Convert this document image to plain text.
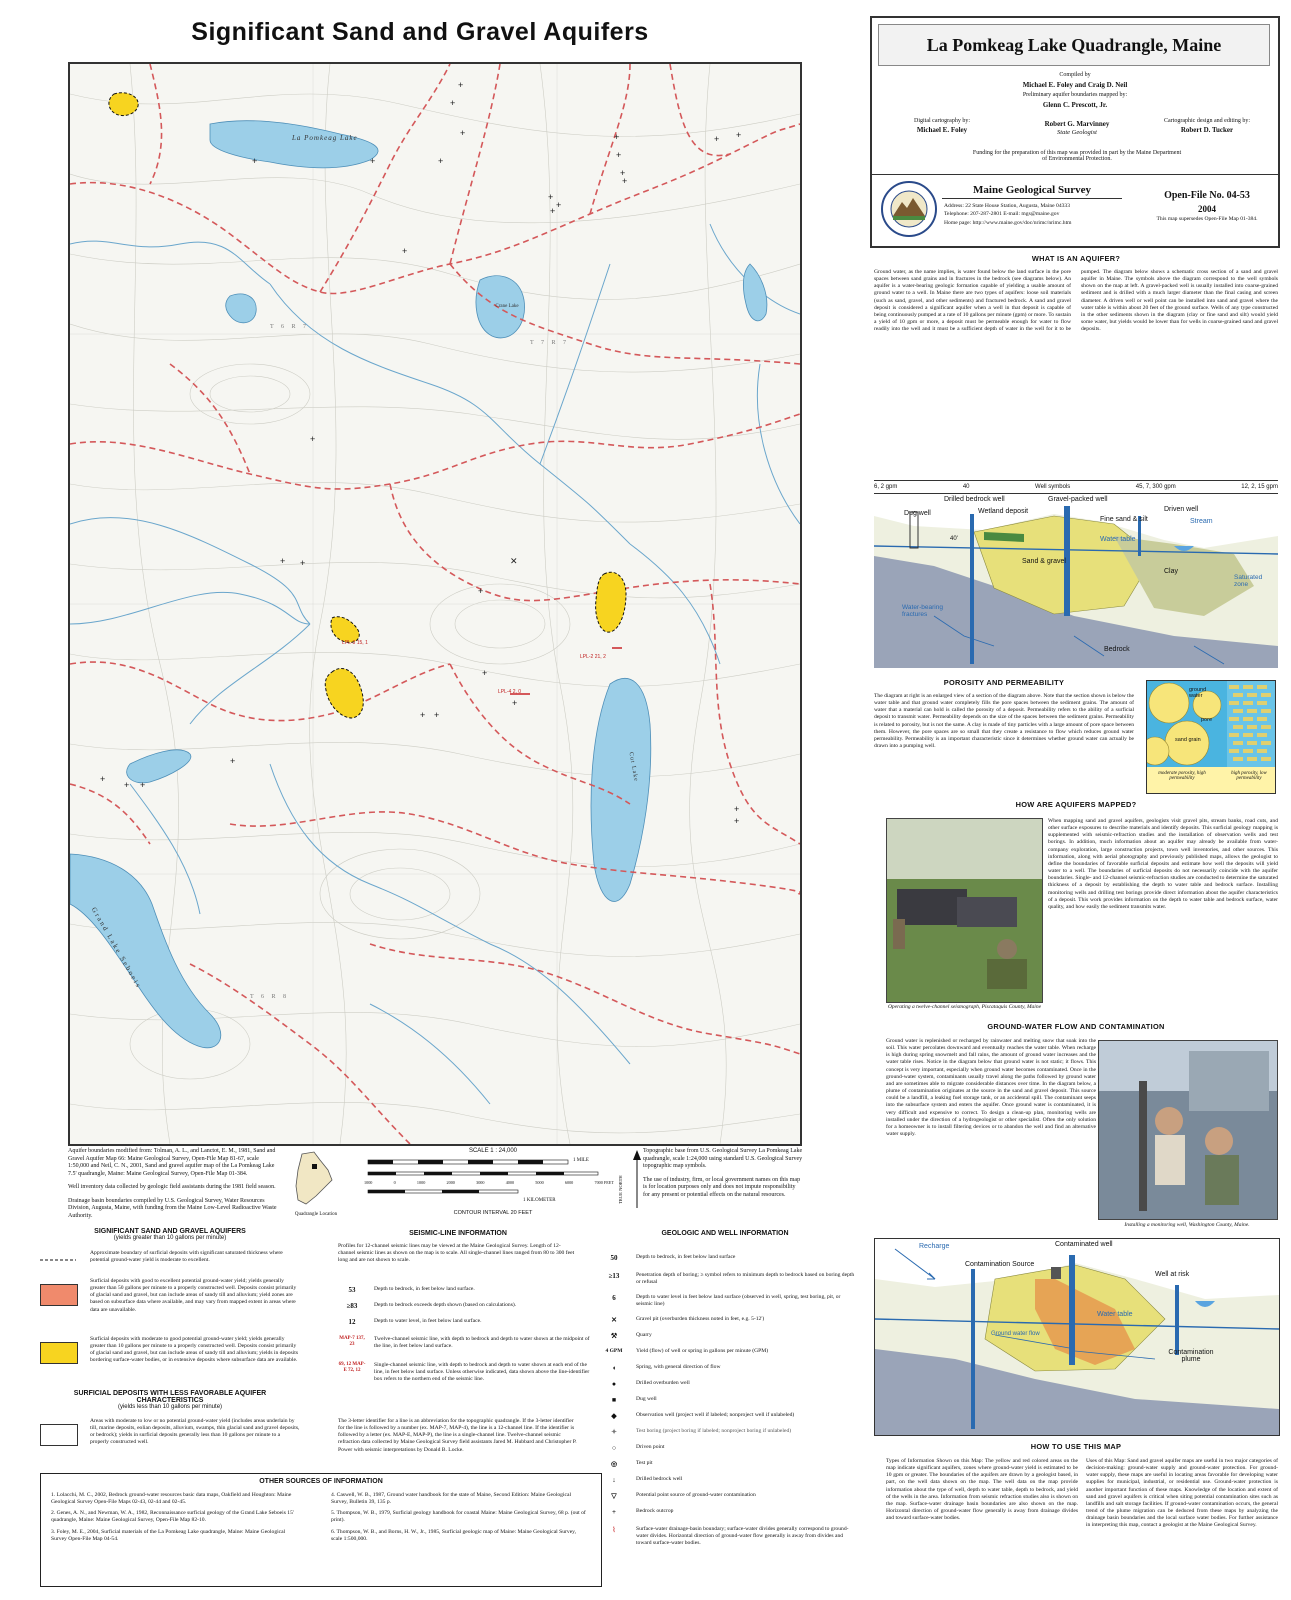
Significant Sand and Gravel Aquifers
+
+
+
+	+	+
+
+
+
+
+ +
+
+
+
+
+
+ +	✕
+
+
+ +
+
+
+
+ +
+
+
La Pomkeag Lake
Crane Lake
Cut Lake
Grand Lake Seboeis
T 6 R 7
T 7 R 7
T 6 R 8
LPL-3 15, 1
LPL-2 21, 2
LPL-4 2, 0
Aquifer boundaries modified from: Tolman, A. L., and Lanctot, E. M., 1981, Sand and Gravel Aquifer Map 66: Maine Geological Survey, Open-File Map 81-67, scale 1:50,000 and Neil, C. N., 2001, Sand and gravel aquifer map of the La Pomkeag Lake 7.5' quadrangle, Maine: Maine Geological Survey, Open-File Map 01-384.
Well inventory data collected by geologic field assistants during the 1981 field season.
Drainage basin boundaries compiled by U.S. Geological Survey, Water Resources Division, Augusta, Maine, with funding from the Maine Low-Level Radioactive Waste Authority.	Quadrangle Location
SCALE 1 : 24,000
1 MILE
1000	0	1000	2000	3000	4000	5000	6000	7000 FEET
1 KILOMETER
CONTOUR INTERVAL 20 FEET
TRUE NORTH
Topographic base from U.S. Geological Survey La Pomkeag Lake quadrangle, scale 1:24,000 using standard U.S. Geological Survey topographic map symbols.
The use of industry, firm, or local government names on this map is for location purposes only and does not impute responsibility for any present or potential effects on the natural resources.
SIGNIFICANT SAND AND GRAVEL AQUIFERS
(yields greater than 10 gallons per minute)
Approximate boundary of surficial deposits with significant saturated thickness where potential ground-water yield is moderate to excellent.
Surficial deposits with good to excellent potential ground-water yield; yields generally greater than 50 gallons per minute to a properly constructed well. Deposits consist primarily of glacial sand and gravel, but can include areas of sandy till and alluvium; yield zones are based on subsurface data where available, and may vary from mapped extent in areas where data are unavailable.
Surficial deposits with moderate to good potential ground-water yield; yields generally greater than 10 gallons per minute to a properly constructed well. Deposits consist primarily of glacial sand and gravel, but can include areas of sandy till and alluvium; yields in deposits bordering surface-water bodies, or in extensive deposits where subsurface data are available.
SURFICIAL DEPOSITS WITH LESS FAVORABLE AQUIFER CHARACTERISTICS
(yields less than 10 gallons per minute)
Areas with moderate to low or no potential ground-water yield (includes areas underlain by till, marine deposits, eolian deposits, alluvium, swamps, thin glacial sand and gravel deposits, or bedrock); yields in surficial deposits generally less than 10 gallons per minute to a properly constructed well.
SEISMIC-LINE INFORMATION
Profiles for 12-channel seismic lines may be viewed at the Maine Geological Survey. Length of 12-channel seismic lines as shown on the map is to scale. All single-channel lines ranged from 80 to 300 feet long and are not shown to scale.
53	Depth to bedrock, in feet below land surface.
≥83	Depth to bedrock exceeds depth shown (based on calculations).
12	Depth to water level, in feet below land surface.
MAP-7 137, 23
Twelve-channel seismic line, with depth to bedrock and depth to water shown at the midpoint of the line, in feet below land surface.
69, 12 MAP-E 72, 12
Single-channel seismic line, with depth to bedrock and depth to water shown at each end of the line, in feet below land surface. Unless otherwise indicated, data shown above the line-identifier box refers to the northern end of the seismic line.
The 3-letter identifier for a line is an abbreviation for the topographic quadrangle. If the 3-letter identifier for the line is followed by a number (ex. MAP-7, MAP-4), the line is a 12-channel line. If the identifier is followed by a letter (ex. MAP-E, MAP-P), the line is a single-channel line. Twelve-channel seismic refraction data collected by Maine Geological Survey field assistants Jared M. Hubbard and Christopher P. Power with seismic interpretations by Donald B. Locke.
GEOLOGIC AND WELL INFORMATION
50	Depth to bedrock, in feet below land surface
≥13	Penetration depth of boring; ≥ symbol refers to minimum depth to bedrock based on boring depth or refusal
6	Depth to water level in feet below land surface (observed in well, spring, test boring, pit, or seismic line)
✕	Gravel pit (overburden thickness noted in feet, e.g. 5-12')
⚒	Quarry
4 GPM	Yield (flow) of well or spring in gallons per minute (GPM)
◖	Spring, with general direction of flow
●	Drilled overburden well
■	Dug well
◆	Observation well (project well if labeled; nonproject well if unlabeled)
✦	Test boring (project boring if labeled; nonproject boring if unlabeled)
○	Driven point
◎	Test pit
↓	Drilled bedrock well
▽	Potential point source of ground-water contamination
+	Bedrock outcrop
⌇	Surface-water drainage-basin boundary; surface-water divides generally correspond to ground-water divides. Horizontal direction of ground-water flow generally is away from divides and toward surface-water bodies.
OTHER SOURCES OF INFORMATION
1. Lolacchi, M. C., 2002, Bedrock ground-water resources basic data maps, Oakfield and Houghton: Maine Geological Survey Open-File Maps 02-43, 02-44 and 02-45.
2. Genes, A. N., and Newman, W. A., 1982, Reconnaissance surficial geology of the Grand Lake Seboeis 15' quadrangle, Maine: Maine Geological Survey, Open-File Map 82-10.
3. Foley, M. E., 2004, Surficial materials of the La Pomkeag Lake quadrangle, Maine: Maine Geological Survey Open-File Map 04-54.
4. Caswell, W. B., 1987, Ground water handbook for the state of Maine, Second Edition: Maine Geological Survey, Bulletin 39, 135 p.
5. Thompson, W. B., 1979, Surficial geology handbook for coastal Maine: Maine Geological Survey, 68 p. (out of print).
6. Thompson, W. B., and Borns, H. W., Jr., 1985, Surficial geologic map of Maine: Maine Geological Survey, scale 1:500,000.
La Pomkeag Lake Quadrangle, Maine
Compiled by
Michael E. Foley and Craig D. Neil
Preliminary aquifer boundaries mapped by:
Glenn C. Prescott, Jr.
Digital cartography by:
Michael E. Foley
Robert G. Marvinney
State Geologist
Cartographic design and editing by:
Robert D. Tucker
Funding for the preparation of this map was provided in part by the Maine Department of Environmental Protection.
Maine Geological Survey
Address: 22 State House Station, Augusta, Maine 04333
Telephone: 207-287-2801 E-mail: mgs@maine.gov
Home page: http://www.maine.gov/doc/nrimc/nrimc.htm
Open-File No. 04-53
2004
This map supersedes Open-File Map 01-384.
WHAT IS AN AQUIFER?
Ground water, as the name implies, is water found below the land surface in the pore spaces between sand grains and in fractures in the bedrock (see diagrams below). An aquifer is a water-bearing geologic formation capable of yielding a usable amount of ground water to a well. In Maine there are two types of aquifers: loose soil materials (such as sand, gravel, and other sediments) and fractured bedrock. A sand and gravel deposit is considered a significant aquifer when a well in that deposit is capable of being continuously pumped at a rate of 10 gallons per minute (gpm) or more. To sustain a yield of 10 gpm or more, a deposit must be permeable enough for water to flow readily into the well and it must be a sufficient depth of water in the well for it to be pumped. The diagram below shows a schematic cross section of a sand and gravel aquifer in Maine. The symbols above the diagram correspond to the well symbols shown on the map at left. A gravel-packed well is usually installed into coarse-grained sediment and is drilled with a much larger diameter than the final casing and screen diameter. A driven well or well point can be installed into sand and gravel where the water table is within about 20 feet of the ground surface. Wells of any type constructed in the other sediments shown in the diagram (clay or fine sand and silt) would yield some water, but yields would be lower than for wells in coarse-grained sand and gravel deposits.
6, 2 gpm	40	Well symbols	45, 7, 300 gpm	12, 2, 15 gpm
Dug well
Drilled bedrock well	Gravel-packed well
Wetland deposit	Driven well
Fine sand & silt	Stream
Water table
Sand & gravel
Clay
Saturated zone
Water-bearing fractures
Bedrock
40'
POROSITY AND PERMEABILITY
The diagram at right is an enlarged view of a section of the diagram above. Note that the section shown is below the water table and that ground water completely fills the pore spaces between the sediment grains. The amount of water that a material can hold is called the porosity of a deposit. Permeability refers to the ability of a surficial deposit to transmit water. Permeability depends on the size of the spaces between the sediment grains. Permeability is related to porosity, but is not the same. A clay is made of tiny particles with a large amount of pore space between them. However, the pore spaces are so small that they create a resistance to flow which reduces ground water permeability. Permeability is an important characteristic since it determines whether ground water can actually be drawn into a pumping well.
ground water
pore
sand grain
moderate porosity, high permeability
high porosity, low permeability
HOW ARE AQUIFERS MAPPED?
Operating a twelve-channel seismograph, Piscataquis County, Maine
When mapping sand and gravel aquifers, geologists visit gravel pits, stream banks, road cuts, and other surface exposures to describe materials and identify deposits. This surficial geology mapping is supplemented with seismic-refraction studies and the installation of observation wells and test borings. In addition, much information about an aquifer may already be available from water-company exploration, large construction projects, town well inventories, and other sources. This information, along with aerial photography and previously published maps, allows the geologist to define the boundaries of favorable surficial deposits and estimate how well the deposits will yield water to a well. The boundaries of surficial deposits do not necessarily coincide with the aquifer boundaries. Single- and 12-channel seismic-refraction studies are conducted to determine the saturated thickness of a deposit by establishing the depth to water table and bedrock surface. Installing monitoring wells and drilling test borings provide direct information about the aquifer characteristics of a deposit. This work provides information on the depth to water table and bedrock surface, water quality, and how easily the sediment transmits water.
GROUND-WATER FLOW AND CONTAMINATION
Ground water is replenished or recharged by rainwater and melting snow that soak into the soil. This water percolates downward and eventually reaches the water table. When recharge is high during spring snowmelt and fall rains, the amount of ground water increases and the water table rises. Notice in the diagram below that ground water is not static; it flows. This concept is very important, especially when ground water becomes contaminated. Once in the ground-water system, contaminants usually travel along the paths followed by ground water and are sometimes able to migrate considerable distances over time. In the diagram below, a plume of contamination originates at the source in the sand and gravel deposit. This source could be a landfill, a leaking fuel storage tank, or an accidental spill. The contaminant seeps into the subsurface system and enters the aquifer. Once ground water is contaminated, it is very difficult and expensive to correct. To design a clean-up plan, monitoring wells are installed under the direction of a hydrogeologist or other specialist. Often the only solution for a homeowner is to install filtering devices or to abandon the well and find an alternative water supply.
Installing a monitoring well, Washington County, Maine.
Recharge	Contaminated well
Contamination Source
Well at risk
Water table
Ground water flow
Contamination plume
HOW TO USE THIS MAP
Types of Information Shown on this Map: The yellow and red colored areas on the map indicate significant aquifers, zones where ground-water yield is estimated to be 10 gpm or greater. The boundaries of the aquifers are drawn by a geologist based, in part, on the well data shown on the map. The well data on the map provide information about the type of well, depth to water table, depth to bedrock, and yield of the wells in the area. Information from seismic refraction studies also is shown on the map. Surface-water drainage basin boundaries are also shown on the map. Horizontal direction of ground-water flow generally is away from drainage divides and toward surface-water bodies.
Uses of this Map: Sand and gravel aquifer maps are useful in two major categories of decision-making: ground-water supply and ground-water protection. For ground-water supply, these maps are useful in locating areas favorable for developing water supplies for municipal, industrial, or residential use. Ground-water protection is another important function of these maps. Knowledge of the location and extent of sand and gravel aquifers is critical when siting potential contamination sites such as landfills and salt storage facilities. If ground-water contamination occurs, the general trend of the plume migration can be deduced from these maps by analyzing the drainage basin boundaries and the local surface water bodies. For further assistance in interpreting this map, contact a geologist at the Maine Geological Survey.
